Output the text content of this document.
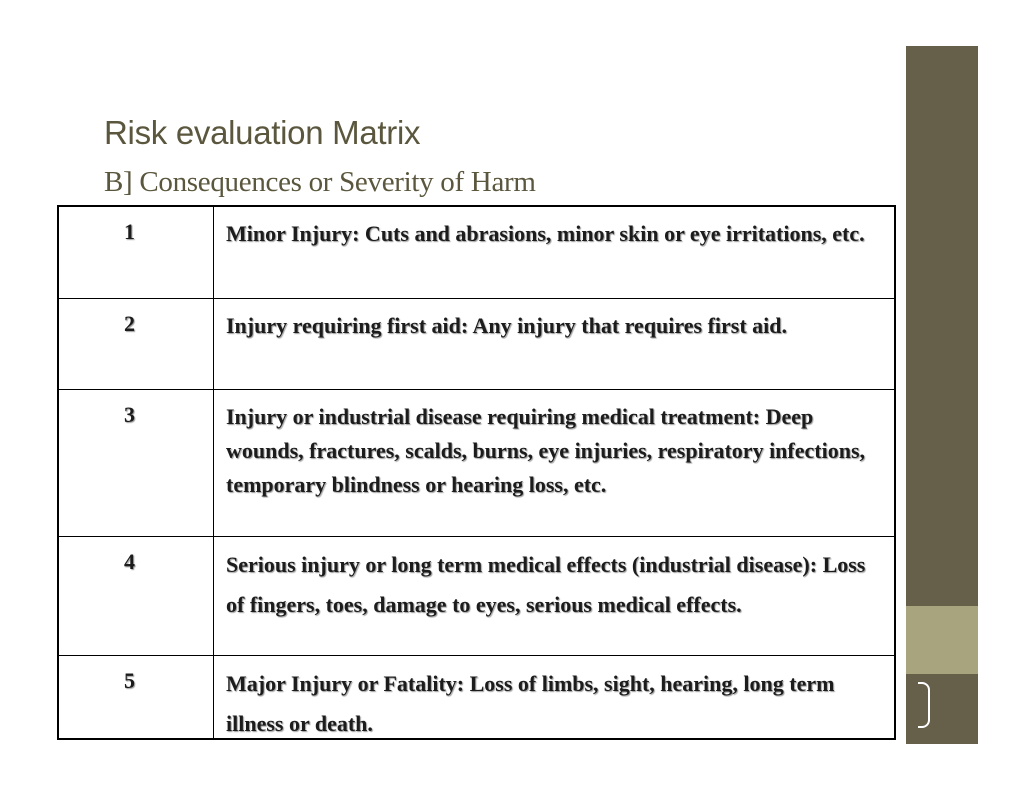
Risk evaluation Matrix
B] Consequences or Severity of Harm
1	Minor Injury: Cuts and abrasions, minor skin or eye irritations, etc.
2	Injury requiring first aid: Any injury that requires first aid.
3	Injury or industrial disease requiring medical treatment: Deep wounds, fractures, scalds, burns, eye injuries, respiratory infections, temporary blindness or hearing loss, etc.
4	Serious injury or long term medical effects (industrial disease): Loss of fingers, toes, damage to eyes, serious medical effects.
5	Major Injury or Fatality: Loss of limbs, sight, hearing, long term illness or death.
